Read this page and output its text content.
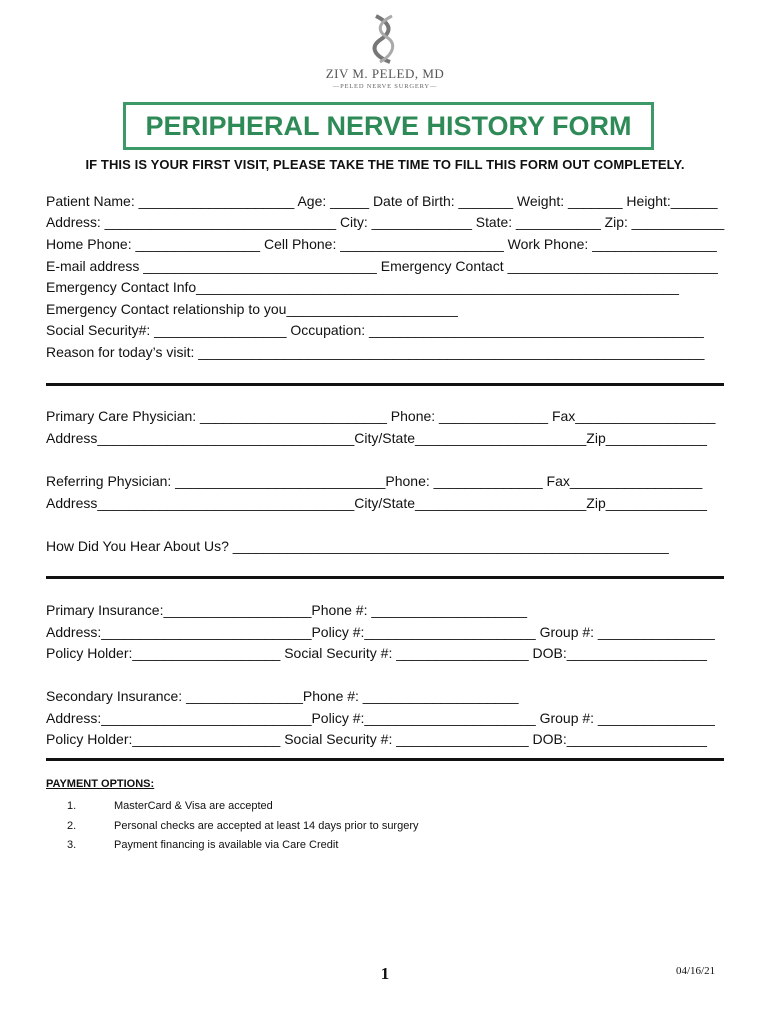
ZIV M. PELED, MD
—PELED NERVE SURGERY—
PERIPHERAL NERVE HISTORY FORM
IF THIS IS YOUR FIRST VISIT, PLEASE TAKE THE TIME TO FILL THIS FORM OUT COMPLETELY.
Patient Name: ____________________ Age: _____ Date of Birth: _______ Weight: _______ Height:______
Address: ______________________________ City: _____________ State: ___________ Zip: ____________
Home Phone: ________________ Cell Phone: _____________________ Work Phone: ________________
E-mail address ______________________________ Emergency Contact ___________________________
Emergency Contact Info______________________________________________________________
Emergency Contact relationship to you______________________
Social Security#: _________________ Occupation: ___________________________________________
Reason for today’s visit: _________________________________________________________________
Primary Care Physician: ________________________ Phone: ______________ Fax__________________
Address_________________________________City/State______________________Zip_____________
Referring Physician: ___________________________Phone: ______________ Fax_________________
Address_________________________________City/State______________________Zip_____________
How Did You Hear About Us? ________________________________________________________
Primary Insurance:___________________Phone #: ____________________
Address:___________________________Policy #:______________________ Group #: _______________
Policy Holder:___________________ Social Security #: _________________ DOB:__________________
Secondary Insurance: _______________Phone #: ____________________
Address:___________________________Policy #:______________________ Group #: _______________
Policy Holder:___________________ Social Security #: _________________ DOB:__________________
PAYMENT OPTIONS:
1.	MasterCard & Visa are accepted
2.	Personal checks are accepted at least 14 days prior to surgery
3.	Payment financing is available via Care Credit
1	04/16/21
